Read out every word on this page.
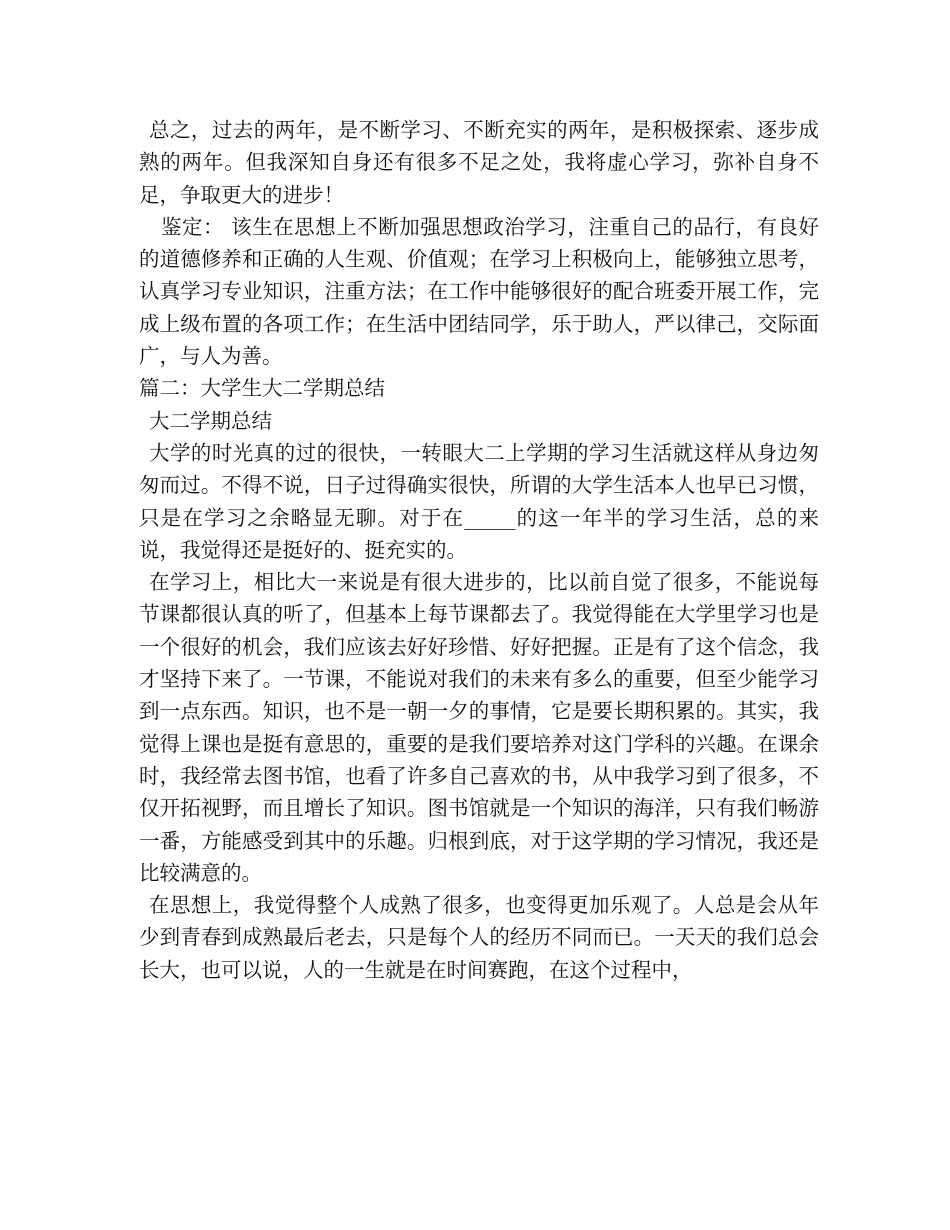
总之，过去的两年，是不断学习、不断充实的两年，是积极探索、逐步成熟的两年。但我深知自身还有很多不足之处，我将虚心学习，弥补自身不足，争取更大的进步！

鉴定： 该生在思想上不断加强思想政治学习，注重自己的品行，有良好的道德修养和正确的人生观、价值观；在学习上积极向上，能够独立思考，认真学习专业知识，注重方法；在工作中能够很好的配合班委开展工作，完成上级布置的各项工作；在生活中团结同学，乐于助人，严以律己，交际面广，与人为善。

篇二：大学生大二学期总结

大二学期总结

大学的时光真的过的很快，一转眼大二上学期的学习生活就这样从身边匆匆而过。不得不说，日子过得确实很快，所谓的大学生活本人也早已习惯，只是在学习之余略显无聊。对于在_____的这一年半的学习生活，总的来说，我觉得还是挺好的、挺充实的。

在学习上，相比大一来说是有很大进步的，比以前自觉了很多，不能说每节课都很认真的听了，但基本上每节课都去了。我觉得能在大学里学习也是一个很好的机会，我们应该去好好珍惜、好好把握。正是有了这个信念，我才坚持下来了。一节课，不能说对我们的未来有多么的重要，但至少能学习到一点东西。知识，也不是一朝一夕的事情，它是要长期积累的。其实，我觉得上课也是挺有意思的，重要的是我们要培养对这门学科的兴趣。在课余时，我经常去图书馆，也看了许多自己喜欢的书，从中我学习到了很多，不仅开拓视野，而且增长了知识。图书馆就是一个知识的海洋，只有我们畅游一番，方能感受到其中的乐趣。归根到底，对于这学期的学习情况，我还是比较满意的。

在思想上，我觉得整个人成熟了很多，也变得更加乐观了。人总是会从年少到青春到成熟最后老去，只是每个人的经历不同而已。一天天的我们总会长大，也可以说，人的一生就是在时间赛跑，在这个过程中，
